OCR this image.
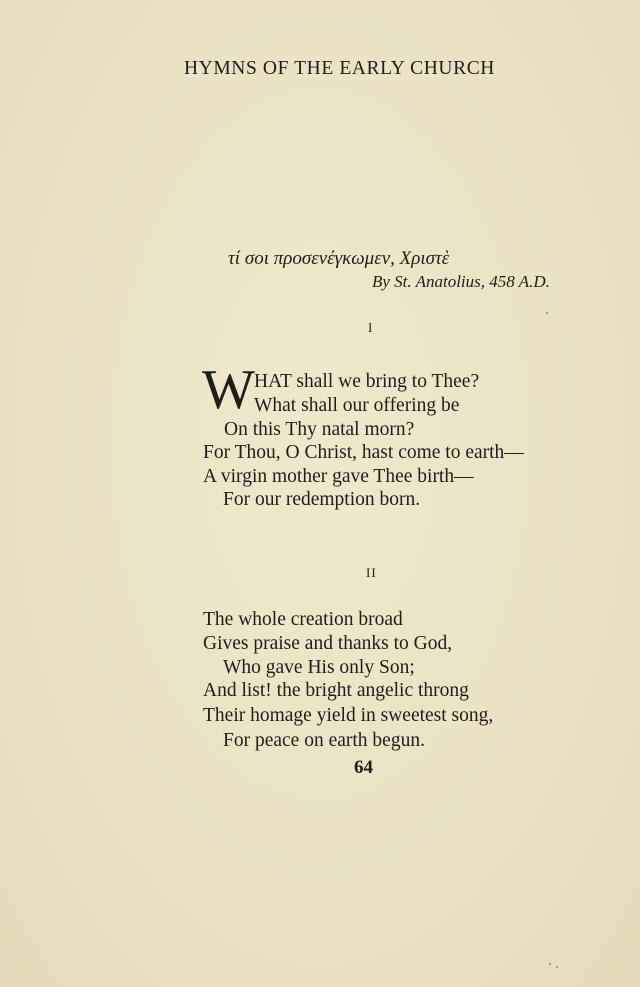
HYMNS OF THE EARLY CHURCH
τί σοι προσενέγκωμεν, Χριστὲ
By St. Anatolius, 458 A.D.
I
W HAT shall we bring to Thee?
What shall our offering be
On this Thy natal morn?
For Thou, O Christ, hast come to earth—
A virgin mother gave Thee birth—
For our redemption born.
II
The whole creation broad
Gives praise and thanks to God,
Who gave His only Son;
And list! the bright angelic throng
Their homage yield in sweetest song,
For peace on earth begun.
64
